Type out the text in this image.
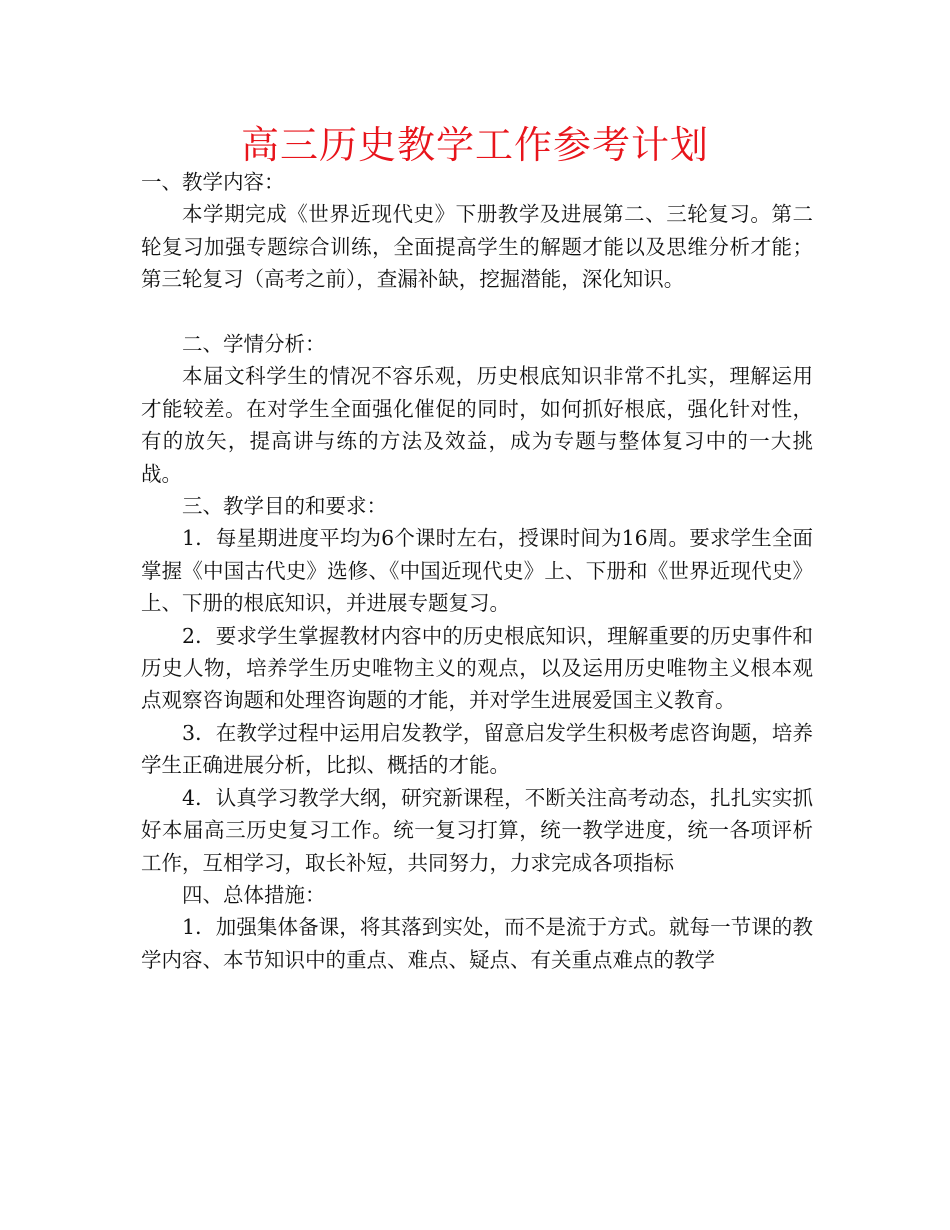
高三历史教学工作参考计划

一、教学内容：

本学期完成《世界近现代史》下册教学及进展第二、三轮复习。第二轮复习加强专题综合训练，全面提高学生的解题才能以及思维分析才能；第三轮复习（高考之前），查漏补缺，挖掘潜能，深化知识。

二、学情分析：

本届文科学生的情况不容乐观，历史根底知识非常不扎实，理解运用才能较差。在对学生全面强化催促的同时，如何抓好根底，强化针对性，有的放矢，提高讲与练的方法及效益，成为专题与整体复习中的一大挑战。

三、教学目的和要求：

1．每星期进度平均为6个课时左右，授课时间为16周。要求学生全面掌握《中国古代史》选修、《中国近现代史》上、下册和《世界近现代史》上、下册的根底知识，并进展专题复习。

2．要求学生掌握教材内容中的历史根底知识，理解重要的历史事件和历史人物，培养学生历史唯物主义的观点，以及运用历史唯物主义根本观点观察咨询题和处理咨询题的才能，并对学生进展爱国主义教育。

3．在教学过程中运用启发教学，留意启发学生积极考虑咨询题，培养学生正确进展分析，比拟、概括的才能。

4．认真学习教学大纲，研究新课程，不断关注高考动态，扎扎实实抓好本届高三历史复习工作。统一复习打算，统一教学进度，统一各项评析工作，互相学习，取长补短，共同努力，力求完成各项指标

四、总体措施：

1．加强集体备课，将其落到实处，而不是流于方式。就每一节课的教学内容、本节知识中的重点、难点、疑点、有关重点难点的教学
